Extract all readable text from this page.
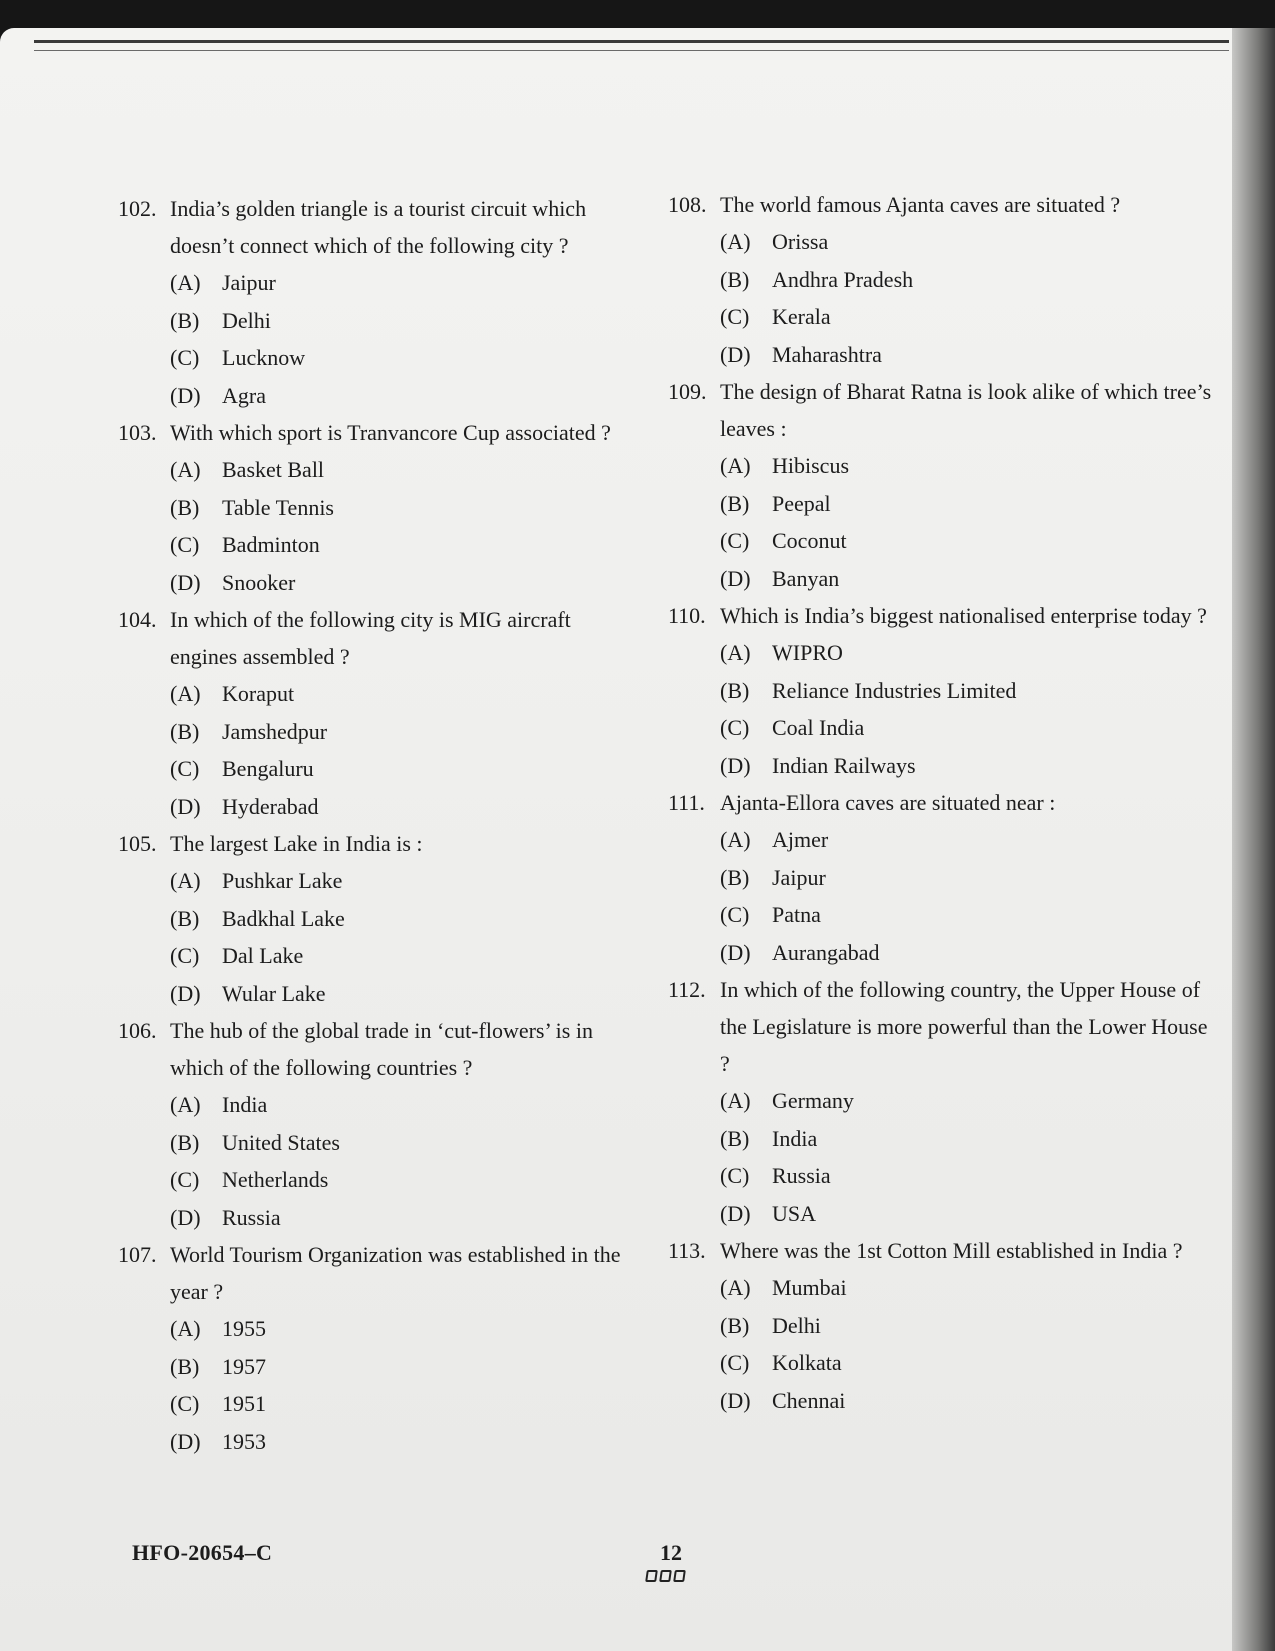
102. India’s golden triangle is a tourist circuit which doesn’t connect which of the following city ?
(A) Jaipur
(B)	Delhi
(C)	Lucknow
(D) Agra
103. With which sport is Tranvancore Cup associated ?
(A) Basket Ball
(B)	Table Tennis
(C)	Badminton
(D) Snooker
104. In which of the following city is MIG aircraft engines assembled ?
(A) Koraput
(B)	Jamshedpur
(C)	Bengaluru
(D) Hyderabad
105. The largest Lake in India is :
(A) Pushkar Lake
(B)	Badkhal Lake
(C)	Dal Lake
(D) Wular Lake
106. The hub of the global trade in ‘cut-flowers’ is in which of the following countries ?
(A) India
(B)	United States
(C)	Netherlands
(D) Russia
107. World Tourism Organization was established in the year ?
(A) 1955
(B)	1957
(C)	1951
(D) 1953
108. The world famous Ajanta caves are situated ?
(A) Orissa
(B)	Andhra Pradesh
(C)	Kerala
(D) Maharashtra
109. The design of Bharat Ratna is look alike of which tree’s leaves :
(A) Hibiscus
(B)	Peepal
(C)	Coconut
(D) Banyan
110. Which is India’s biggest nationalised enterprise today ?
(A) WIPRO
(B)	Reliance Industries Limited
(C)	Coal India
(D) Indian Railways
111. Ajanta-Ellora caves are situated near :
(A) Ajmer
(B)	Jaipur
(C)	Patna
(D) Aurangabad
112. In which of the following country, the Upper House of the Legislature is more powerful than the Lower House ?
(A) Germany
(B)	India
(C)	Russia
(D) USA
113. Where was the 1st Cotton Mill established in India ?
(A) Mumbai
(B)	Delhi
(C)	Kolkata
(D) Chennai
HFO-20654–C	12
